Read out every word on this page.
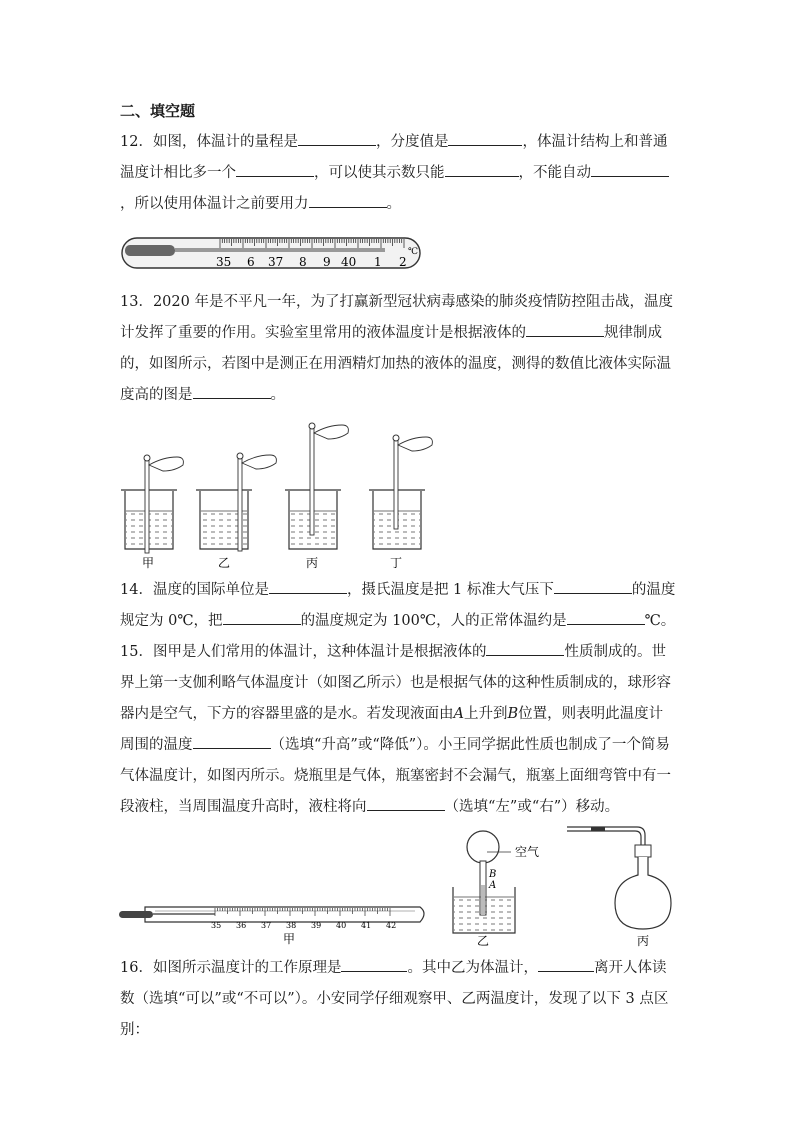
二、填空题
12．如图，体温计的量程是	，分度值是	，体温计结构上和普通温度计相比多一个	，可以使其示数只能	，不能自动，所以使用体温计之前要用力	。
35 6 37 8 9 40 1 2
℃
13．2020 年是不平凡一年，为了打赢新型冠状病毒感染的肺炎疫情防控阻击战，温度计发挥了重要的作用。实验室里常用的液体温度计是根据液体的	规律制成的，如图所示，若图中是测正在用酒精灯加热的液体的温度，测得的数值比液体实际温度高的图是	。
甲	乙	丙	丁
14．温度的国际单位是	，摄氏温度是把 1 标准大气压下	的温度规定为 0℃，把	的温度规定为 100℃，人的正常体温约是	℃。
15．图甲是人们常用的体温计，这种体温计是根据液体的	性质制成的。世界上第一支伽利略气体温度计（如图乙所示）也是根据气体的这种性质制成的，球形容器内是空气，下方的容器里盛的是水。若发现液面由A上升到B位置，则表明此温度计周围的温度	（选填“升高”或“降低”）。小王同学据此性质也制成了一个简易气体温度计，如图丙所示。烧瓶里是气体，瓶塞密封不会漏气，瓶塞上面细弯管中有一段液柱，当周围温度升高时，液柱将向	（选填“左”或“右”）移动。
35 36 37 38 39 40 41 42
空气
B
A
甲	乙	丙
16．如图所示温度计的工作原理是	。其中乙为体温计，	离开人体读数（选填“可以”或“不可以”）。小安同学仔细观察甲、乙两温度计，发现了以下 3 点区别：
